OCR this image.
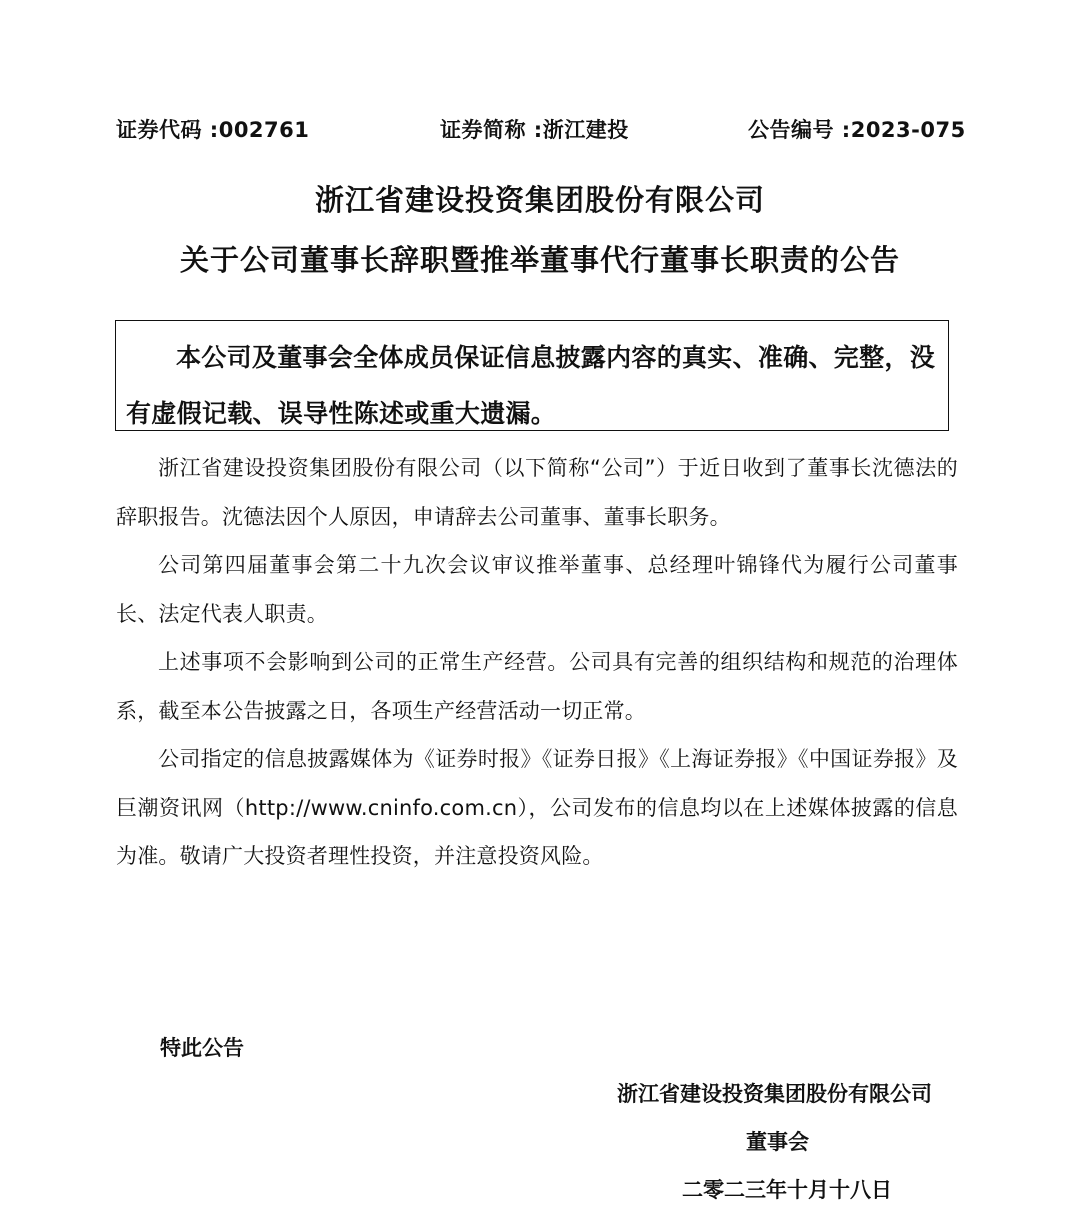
证券代码 :002761	证券简称 :浙江建投	公告编号 :2023-075
浙江省建设投资集团股份有限公司
关于公司董事长辞职暨推举董事代行董事长职责的公告

本公司及董事会全体成员保证信息披露内容的真实、准确、完整，没有虚假记载、误导性陈述或重大遗漏。

浙江省建设投资集团股份有限公司（以下简称“公司”）于近日收到了董事长沈德法的辞职报告。沈德法因个人原因，申请辞去公司董事、董事长职务。

公司第四届董事会第二十九次会议审议推举董事、总经理叶锦锋代为履行公司董事长、法定代表人职责。

上述事项不会影响到公司的正常生产经营。公司具有完善的组织结构和规范的治理体系，截至本公告披露之日，各项生产经营活动一切正常。

公司指定的信息披露媒体为《证券时报》《证券日报》《上海证券报》《中国证券报》及巨潮资讯网（http://www.cninfo.com.cn），公司发布的信息均以在上述媒体披露的信息为准。敬请广大投资者理性投资，并注意投资风险。

特此公告
浙江省建设投资集团股份有限公司
董事会
二零二三年十月十八日
